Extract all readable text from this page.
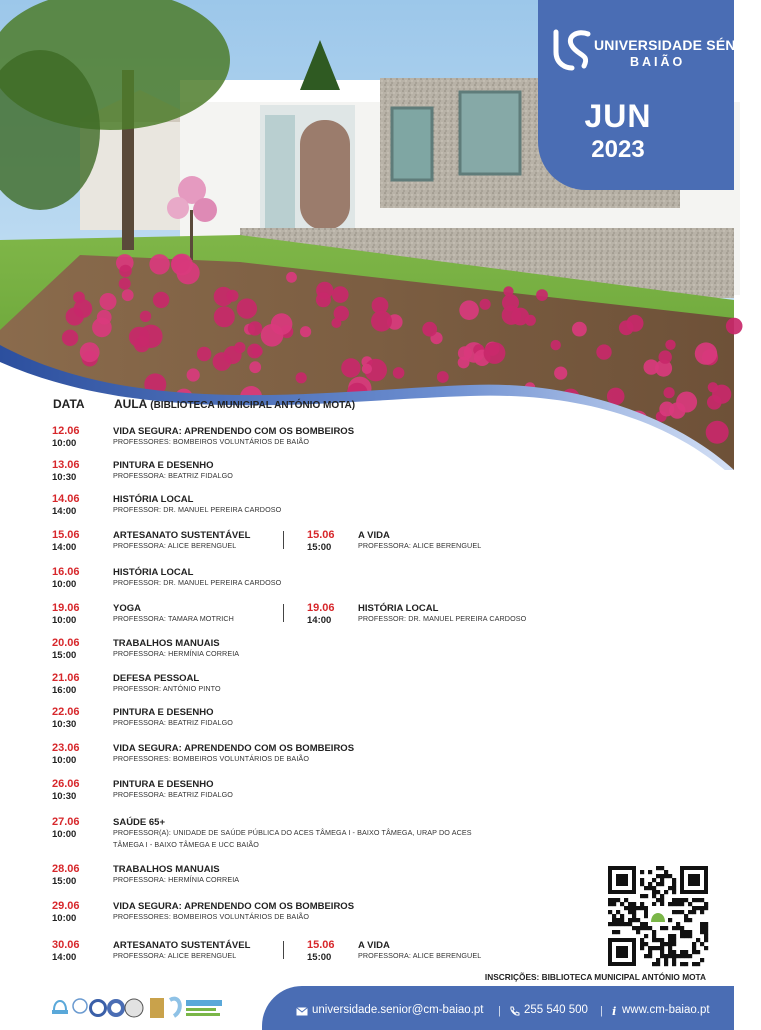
UNIVERSIDADE SÉNIOR
BAIÃO
JUN
2023
DATA AULA (BIBLIOTECA MUNICIPAL ANTÓNIO MOTA)
12.06
10:00
VIDA SEGURA: APRENDENDO COM OS BOMBEIROS
PROFESSORES: BOMBEIROS VOLUNTÁRIOS DE BAIÃO
13.06
10:30
PINTURA E DESENHO
PROFESSORA: BEATRIZ FIDALGO
14.06
14:00
HISTÓRIA LOCAL
PROFESSOR: DR. MANUEL PEREIRA CARDOSO
15.06
14:00
ARTESANATO SUSTENTÁVEL
PROFESSORA: ALICE BERENGUEL
15.06
15:00
A VIDA
PROFESSORA: ALICE BERENGUEL
16.06
10:00
HISTÓRIA LOCAL
PROFESSOR: DR. MANUEL PEREIRA CARDOSO
19.06
10:00
YOGA
PROFESSORA: TAMARA MOTRICH
19.06
14:00
HISTÓRIA LOCAL
PROFESSOR: DR. MANUEL PEREIRA CARDOSO
20.06
15:00
TRABALHOS MANUAIS
PROFESSORA: HERMÍNIA CORREIA
21.06
16:00
DEFESA PESSOAL
PROFESSOR: ANTÓNIO PINTO
22.06
10:30
PINTURA E DESENHO
PROFESSORA: BEATRIZ FIDALGO
23.06
10:00
VIDA SEGURA: APRENDENDO COM OS BOMBEIROS
PROFESSORES: BOMBEIROS VOLUNTÁRIOS DE BAIÃO
26.06
10:30
PINTURA E DESENHO
PROFESSORA: BEATRIZ FIDALGO
27.06
10:00
SAÚDE 65+
PROFESSOR(A): UNIDADE DE SAÚDE PÚBLICA DO ACES TÂMEGA I - BAIXO TÂMEGA, URAP DO ACES
TÂMEGA I - BAIXO TÂMEGA E UCC BAIÃO
28.06
15:00
TRABALHOS MANUAIS
PROFESSORA: HERMÍNIA CORREIA
29.06
10:00
VIDA SEGURA: APRENDENDO COM OS BOMBEIROS
PROFESSORES: BOMBEIROS VOLUNTÁRIOS DE BAIÃO
30.06
14:00
ARTESANATO SUSTENTÁVEL
PROFESSORA: ALICE BERENGUEL
15.06
15:00
A VIDA
PROFESSORA: ALICE BERENGUEL
INSCRIÇÕES: BIBLIOTECA MUNICIPAL ANTÓNIO MOTA
universidade.senior@cm-baiao.pt | 255 540 500 | i www.cm-baiao.pt
